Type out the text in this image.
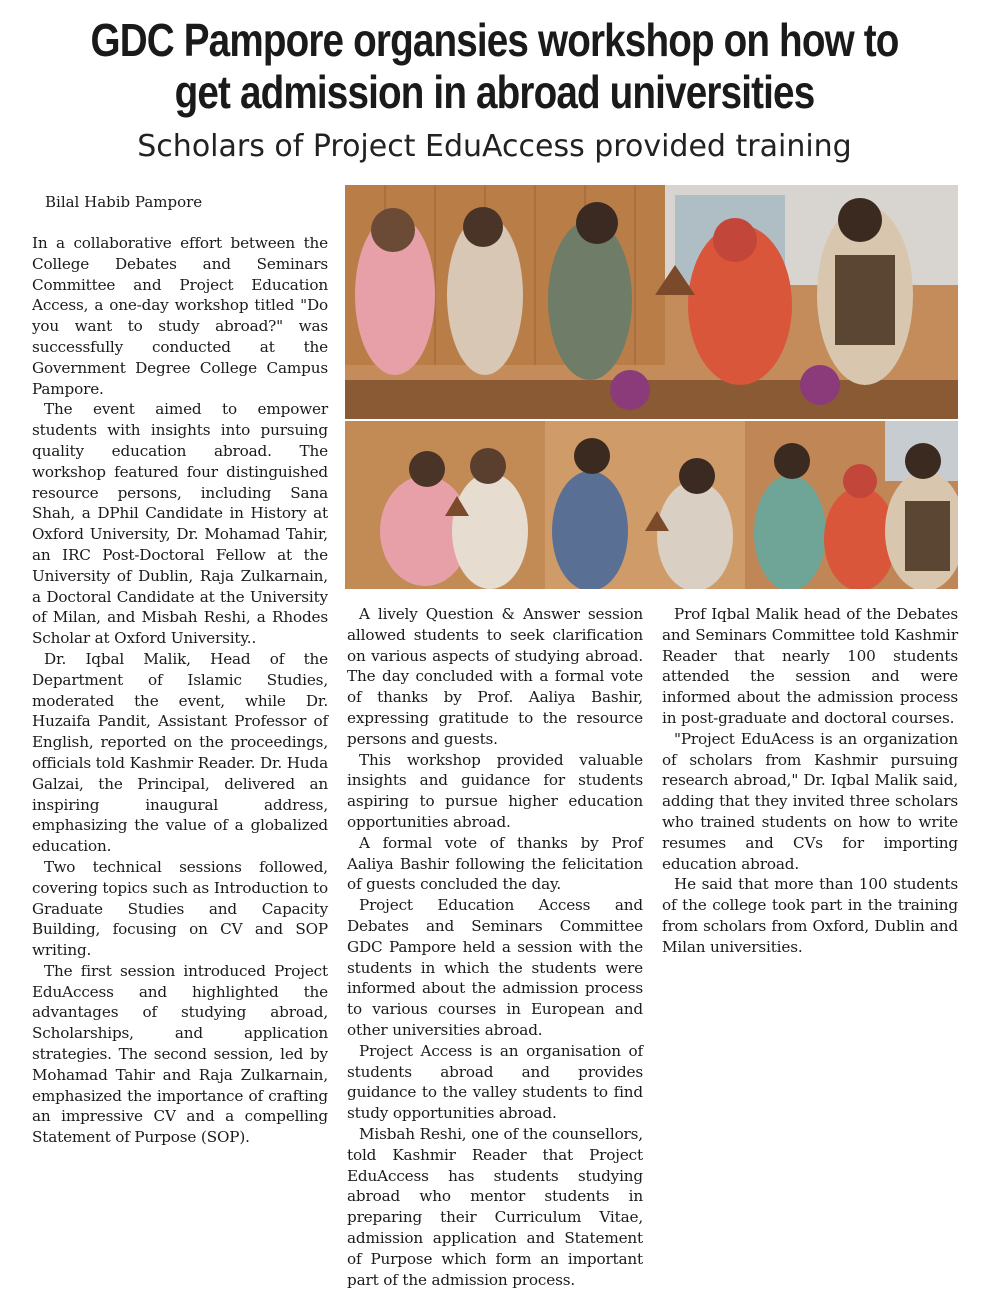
GDC Pampore organsies workshop on how to
get admission in abroad universities
Scholars of Project EduAccess provided training
Bilal Habib Pampore

In a collaborative effort between the College Debates and Seminars Committee and Project Education Access, a one-day workshop titled "Do you want to study abroad?" was successfully conducted at the Government Degree College Campus Pampore.

The event aimed to empower students with insights into pursuing quality education abroad. The workshop featured four distinguished resource persons, including Sana Shah, a DPhil Candidate in History at Oxford University, Dr. Mohamad Tahir, an IRC Post-Doctoral Fellow at the University of Dublin, Raja Zulkarnain, a Doctoral Candidate at the University of Milan, and Misbah Reshi, a Rhodes Scholar at Oxford University..

Dr. Iqbal Malik, Head of the Department of Islamic Studies, moderated the event, while Dr. Huzaifa Pandit, Assistant Professor of English, reported on the proceedings, officials told Kashmir Reader. Dr. Huda Galzai, the Principal, delivered an inspiring inaugural address, emphasizing the value of a globalized education.

Two technical sessions followed, covering topics such as Introduction to Graduate Studies and Capacity Building, focusing on CV and SOP writing.

The first session introduced Project EduAccess and highlighted the advantages of studying abroad, Scholarships, and application strategies. The second session, led by Mohamad Tahir and Raja Zulkarnain, emphasized the importance of crafting an impressive CV and a compelling Statement of Purpose (SOP).

A lively Question & Answer session allowed students to seek clarification on various aspects of studying abroad. The day concluded with a formal vote of thanks by Prof. Aaliya Bashir, expressing gratitude to the resource persons and guests.

This workshop provided valuable insights and guidance for students aspiring to pursue higher education opportunities abroad.

A formal vote of thanks by Prof Aaliya Bashir following the felicitation of guests concluded the day.

Project Education Access and Debates and Seminars Committee GDC Pampore held a session with the students in which the students were informed about the admission process to various courses in European and other universities abroad.

Project Access is an organisation of students abroad and provides guidance to the valley students to find study opportunities abroad.

Misbah Reshi, one of the counsellors, told Kashmir Reader that Project EduAccess has students studying abroad who mentor students in preparing their Curriculum Vitae, admission application and Statement of Purpose which form an important part of the admission process.

Prof Iqbal Malik head of the Debates and Seminars Committee told Kashmir Reader that nearly 100 students attended the session and were informed about the admission process in post-graduate and doctoral courses.

"Project EduAcess is an organization of scholars from Kashmir pursuing research abroad," Dr. Iqbal Malik said, adding that they invited three scholars who trained students on how to write resumes and CVs for importing education abroad.

He said that more than 100 students of the college took part in the training from scholars from Oxford, Dublin and Milan universities.
